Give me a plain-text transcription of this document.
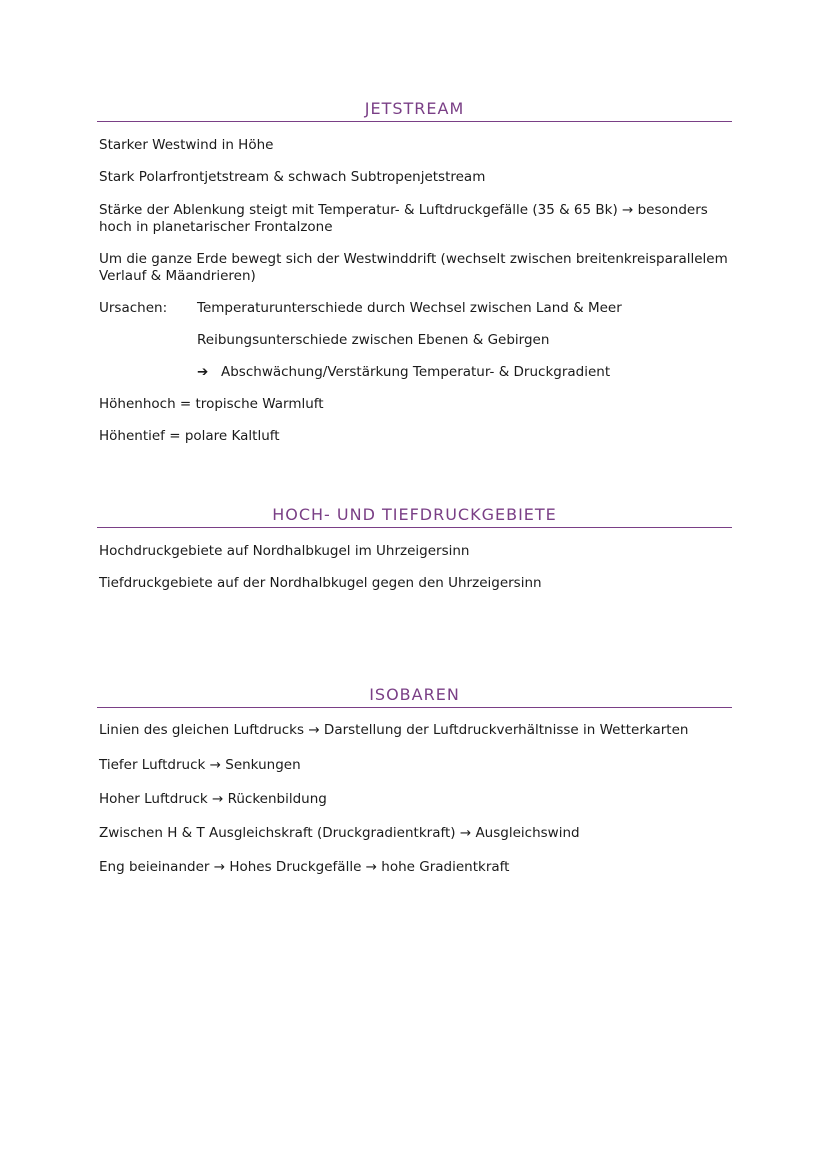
JETSTREAM
Starker Westwind in Höhe
Stark Polarfrontjetstream & schwach Subtropenjetstream
Stärke der Ablenkung steigt mit Temperatur- & Luftdruckgefälle (35 & 65 Bk) → besonders
hoch in planetarischer Frontalzone
Um die ganze Erde bewegt sich der Westwinddrift (wechselt zwischen breitenkreisparallelem
Verlauf & Mäandrieren)
Ursachen: Temperaturunterschiede durch Wechsel zwischen Land & Meer
Reibungsunterschiede zwischen Ebenen & Gebirgen
➔ Abschwächung/Verstärkung Temperatur- & Druckgradient
Höhenhoch = tropische Warmluft
Höhentief = polare Kaltluft
HOCH- UND TIEFDRUCKGEBIETE
Hochdruckgebiete auf Nordhalbkugel im Uhrzeigersinn
Tiefdruckgebiete auf der Nordhalbkugel gegen den Uhrzeigersinn
ISOBAREN
Linien des gleichen Luftdrucks → Darstellung der Luftdruckverhältnisse in Wetterkarten
Tiefer Luftdruck → Senkungen
Hoher Luftdruck → Rückenbildung
Zwischen H & T Ausgleichskraft (Druckgradientkraft) → Ausgleichswind
Eng beieinander → Hohes Druckgefälle → hohe Gradientkraft
